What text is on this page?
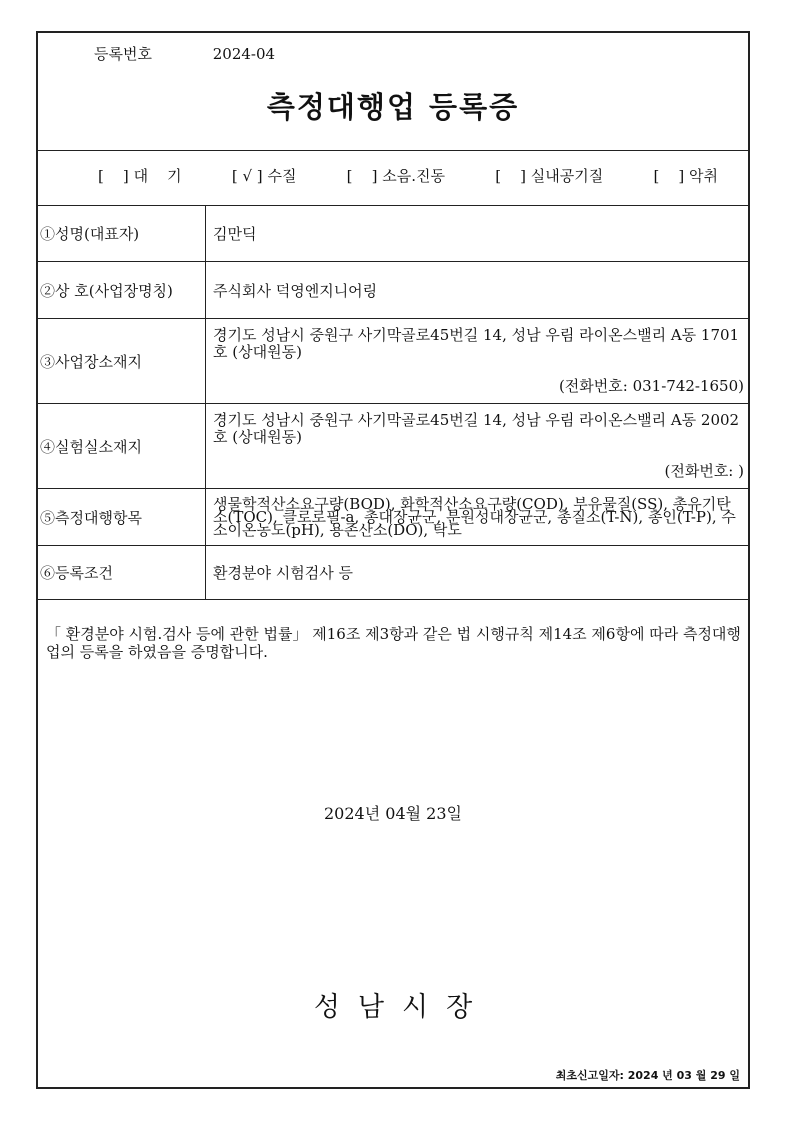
등록번호	2024-04
측정대행업 등록증
[    ] 대    기	[ √ ] 수질	[    ] 소음.진동	[    ] 실내공기질	[    ] 악취
①성명(대표자)	김만딕
②상 호(사업장명칭)	주식회사 덕영엔지니어링
③사업장소재지	경기도 성남시 중원구 사기막골로45번길 14, 성남 우림 라이온스밸리 A동 1701호 (상대원동)
(전화번호: 031-742-1650)

④실험실소재지	경기도 성남시 중원구 사기막골로45번길 14, 성남 우림 라이온스밸리 A동 2002호 (상대원동)
(전화번호: )

⑤측정대행항목	생물학적산소요구량(BOD), 화학적산소요구량(COD), 부유물질(SS), 총유기탄소(TOC), 클로로필-a, 총대장균군, 분원성대장균군, 총질소(T-N), 총인(T-P), 수소이온농도(pH), 용존산소(DO), 탁도
⑥등록조건	환경분야 시험검사 등
「 환경분야 시험.검사 등에 관한 법률」 제16조 제3항과 같은 법 시행규칙 제14조 제6항에 따라 측정대행업의 등록을 하였음을 증명합니다.
2024년 04월 23일
성남시장
최초신고일자: 2024 년 03 월 29 일
